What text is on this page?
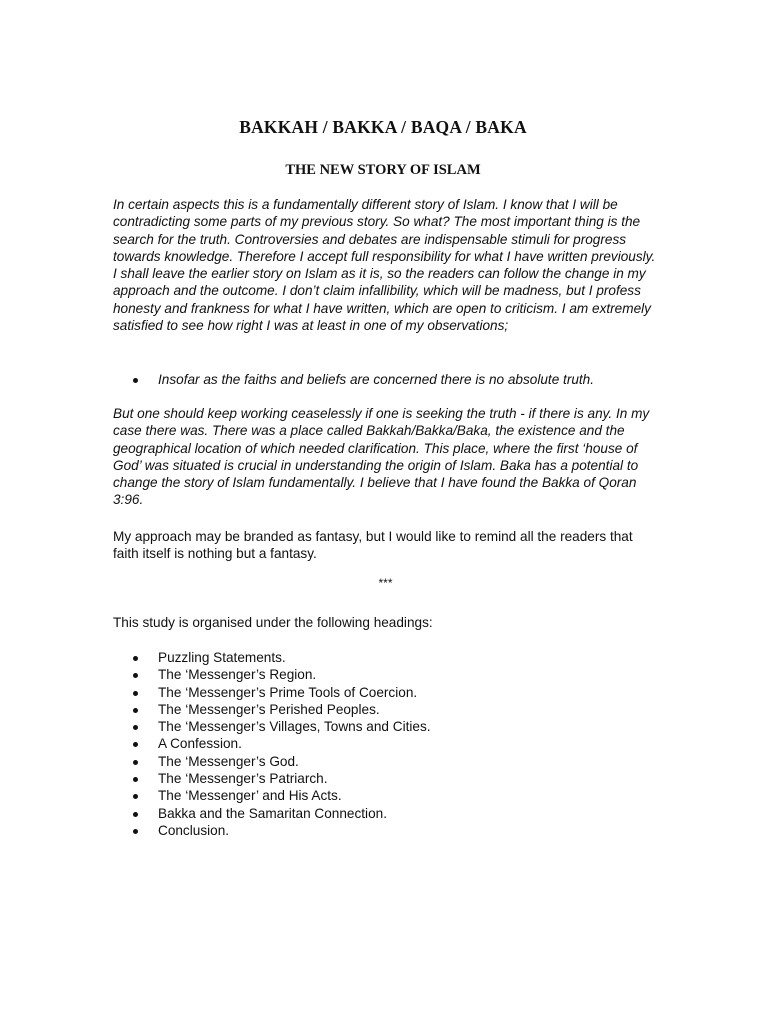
BAKKAH / BAKKA / BAQA / BAKA
THE NEW STORY OF ISLAM

In certain aspects this is a fundamentally different story of Islam. I know that I will be contradicting some parts of my previous story. So what? The most important thing is the search for the truth. Controversies and debates are indispensable stimuli for progress towards knowledge. Therefore I accept full responsibility for what I have written previously. I shall leave the earlier story on Islam as it is, so the readers can follow the change in my approach and the outcome. I don’t claim infallibility, which will be madness, but I profess honesty and frankness for what I have written, which are open to criticism. I am extremely satisfied to see how right I was at least in one of my observations;

Insofar as the faiths and beliefs are concerned there is no absolute truth.

But one should keep working ceaselessly if one is seeking the truth - if there is any. In my case there was. There was a place called Bakkah/Bakka/Baka, the existence and the geographical location of which needed clarification. This place, where the first ‘house of God’ was situated is crucial in understanding the origin of Islam. Baka has a potential to change the story of Islam fundamentally. I believe that I have found the Bakka of Qoran 3:96.

My approach may be branded as fantasy, but I would like to remind all the readers that faith itself is nothing but a fantasy.

***

This study is organised under the following headings:

Puzzling Statements.
The ‘Messenger’s Region.
The ‘Messenger’s Prime Tools of Coercion.
The ‘Messenger’s Perished Peoples.
The ‘Messenger’s Villages, Towns and Cities.
A Confession.
The ‘Messenger’s God.
The ‘Messenger’s Patriarch.
The ‘Messenger’ and His Acts.
Bakka and the Samaritan Connection.
Conclusion.
